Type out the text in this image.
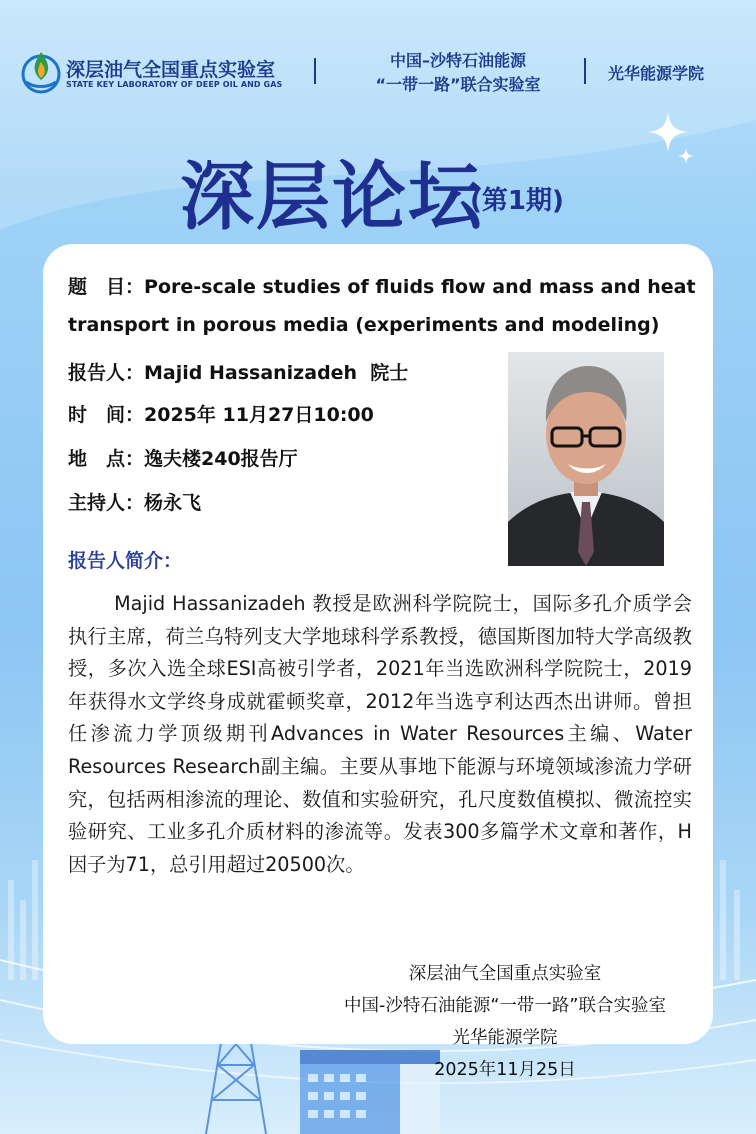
深层油气全国重点实验室
STATE KEY LABORATORY OF DEEP OIL AND GAS
中国–沙特石油能源
“一带一路”联合实验室
光华能源学院
深层论坛
(第1期)
题　目：Pore-scale studies of fluids flow and mass and heat
transport in porous media (experiments and modeling)
报告人：Majid Hassanizadeh  院士
时　间：2025年 11月27日10:00
地　点：逸夫楼240报告厅
主持人：杨永飞
报告人简介：

Majid Hassanizadeh 教授是欧洲科学院院士，国际多孔介质学会执行主席，荷兰乌特列支大学地球科学系教授，德国斯图加特大学高级教授，多次入选全球ESI高被引学者，2021年当选欧洲科学院院士，2019年获得水文学终身成就霍顿奖章，2012年当选亨利达西杰出讲师。曾担任渗流力学顶级期刊Advances in Water Resources主编、Water Resources Research副主编。主要从事地下能源与环境领域渗流力学研究，包括两相渗流的理论、数值和实验研究，孔尺度数值模拟、微流控实验研究、工业多孔介质材料的渗流等。发表300多篇学术文章和著作，H因子为71，总引用超过20500次。

深层油气全国重点实验室
中国-沙特石油能源“一带一路”联合实验室
光华能源学院
2025年11月25日
